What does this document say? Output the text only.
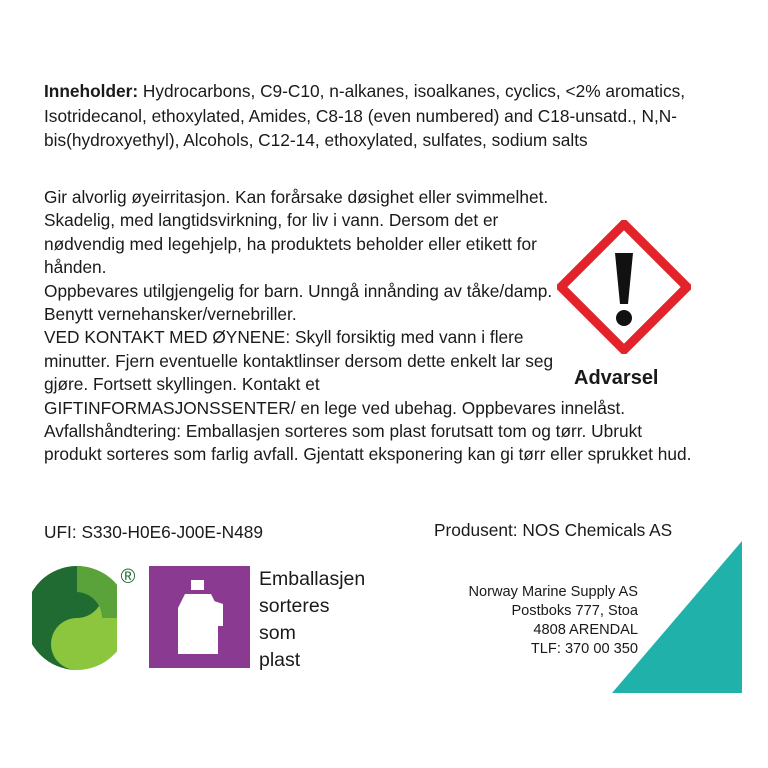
Inneholder: Hydrocarbons, C9-C10, n-alkanes, isoalkanes, cyclics, <2% aromatics, Isotridecanol, ethoxylated, Amides, C8-18 (even numbered) and C18-unsatd., N,N-bis(hydroxyethyl), Alcohols, C12-14, ethoxylated, sulfates, sodium salts

Gir alvorlig øyeirritasjon. Kan forårsake døsighet eller svimmelhet. Skadelig, med langtidsvirkning, for liv i vann. Dersom det er nødvendig med legehjelp, ha produktets beholder eller etikett for hånden.

Oppbevares utilgjengelig for barn. Unngå innånding av tåke/damp. Benytt vernehansker/vernebriller.

VED KONTAKT MED ØYNENE: Skyll forsiktig med vann i flere minutter. Fjern eventuelle kontaktlinser dersom dette enkelt lar seg gjøre. Fortsett skyllingen. Kontakt et

GIFTINFORMASJONSSENTER/ en lege ved ubehag. Oppbevares innelåst. Avfallshåndtering: Emballasjen sorteres som plast forutsatt tom og tørr. Ubrukt produkt sorteres som farlig avfall. Gjentatt eksponering kan gi tørr eller sprukket hud.

Advarsel
UFI: S330-H0E6-J00E-N489	Produsent: NOS Chemicals AS
®	Emballasjen
sorteres
som
plast
Norway Marine Supply AS
Postboks 777, Stoa
4808 ARENDAL
TLF: 370 00 350
